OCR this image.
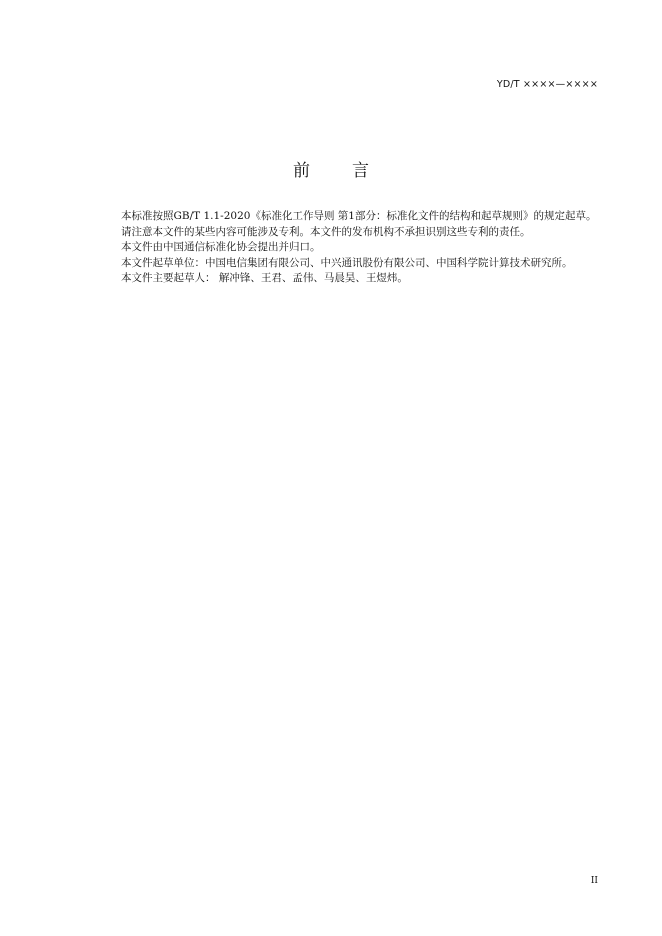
YD/T ××××—××××
前 言

本标准按照GB/T 1.1-2020《标准化工作导则 第1部分：标准化文件的结构和起草规则》的规定起草。

请注意本文件的某些内容可能涉及专利。本文件的发布机构不承担识别这些专利的责任。

本文件由中国通信标准化协会提出并归口。

本文件起草单位：中国电信集团有限公司、中兴通讯股份有限公司、中国科学院计算技术研究所。

本文件主要起草人： 解冲锋、王君、孟伟、马晨昊、王煜炜。

II
